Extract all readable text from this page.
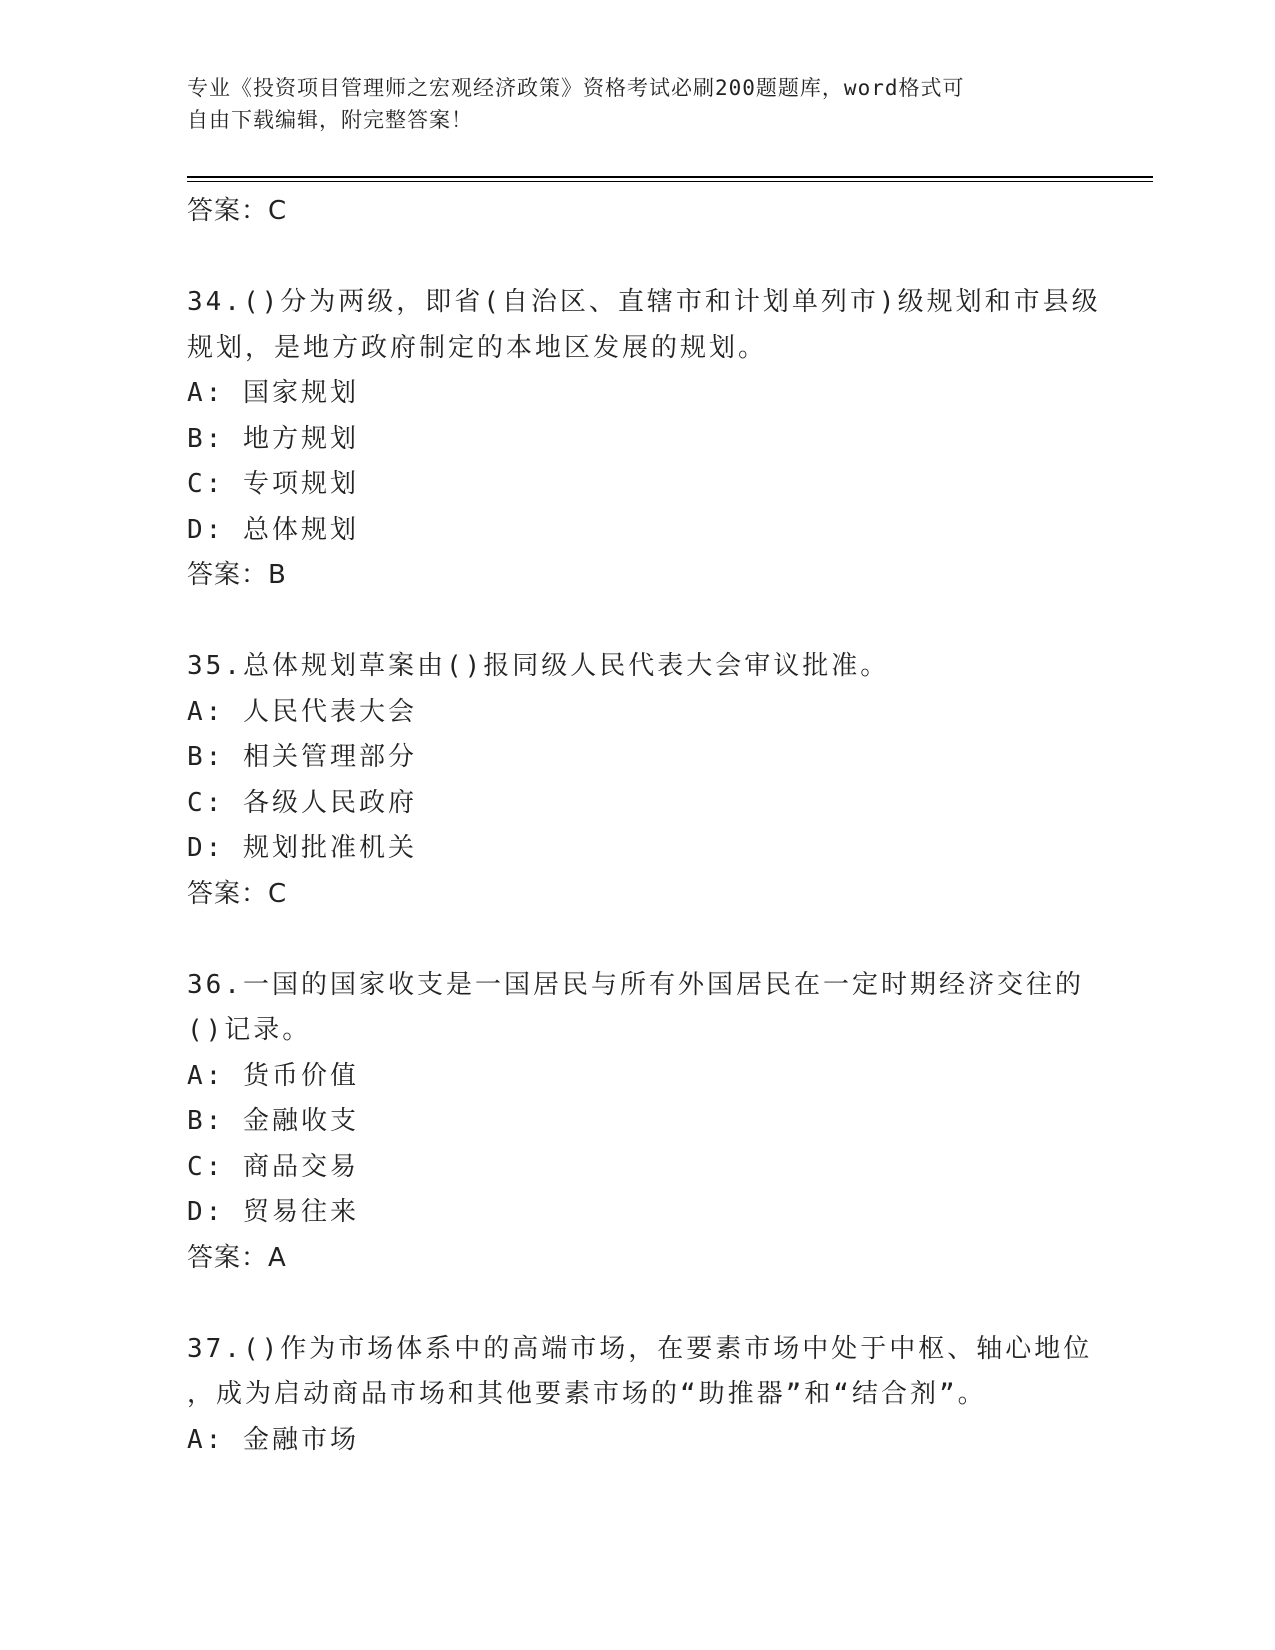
专业《投资项目管理师之宏观经济政策》资格考试必刷200题题库，word格式可

自由下载编辑，附完整答案！

答案：C

34.()分为两级，即省(自治区、直辖市和计划单列市)级规划和市县级

规划，是地方政府制定的本地区发展的规划。

A: 国家规划

B: 地方规划

C: 专项规划

D: 总体规划

答案：B

35.总体规划草案由()报同级人民代表大会审议批准。

A: 人民代表大会

B: 相关管理部分

C: 各级人民政府

D: 规划批准机关

答案：C

36.一国的国家收支是一国居民与所有外国居民在一定时期经济交往的

()记录。

A: 货币价值

B: 金融收支

C: 商品交易

D: 贸易往来

答案：A

37.()作为市场体系中的高端市场，在要素市场中处于中枢、轴心地位

，成为启动商品市场和其他要素市场的“助推器”和“结合剂”。

A: 金融市场
